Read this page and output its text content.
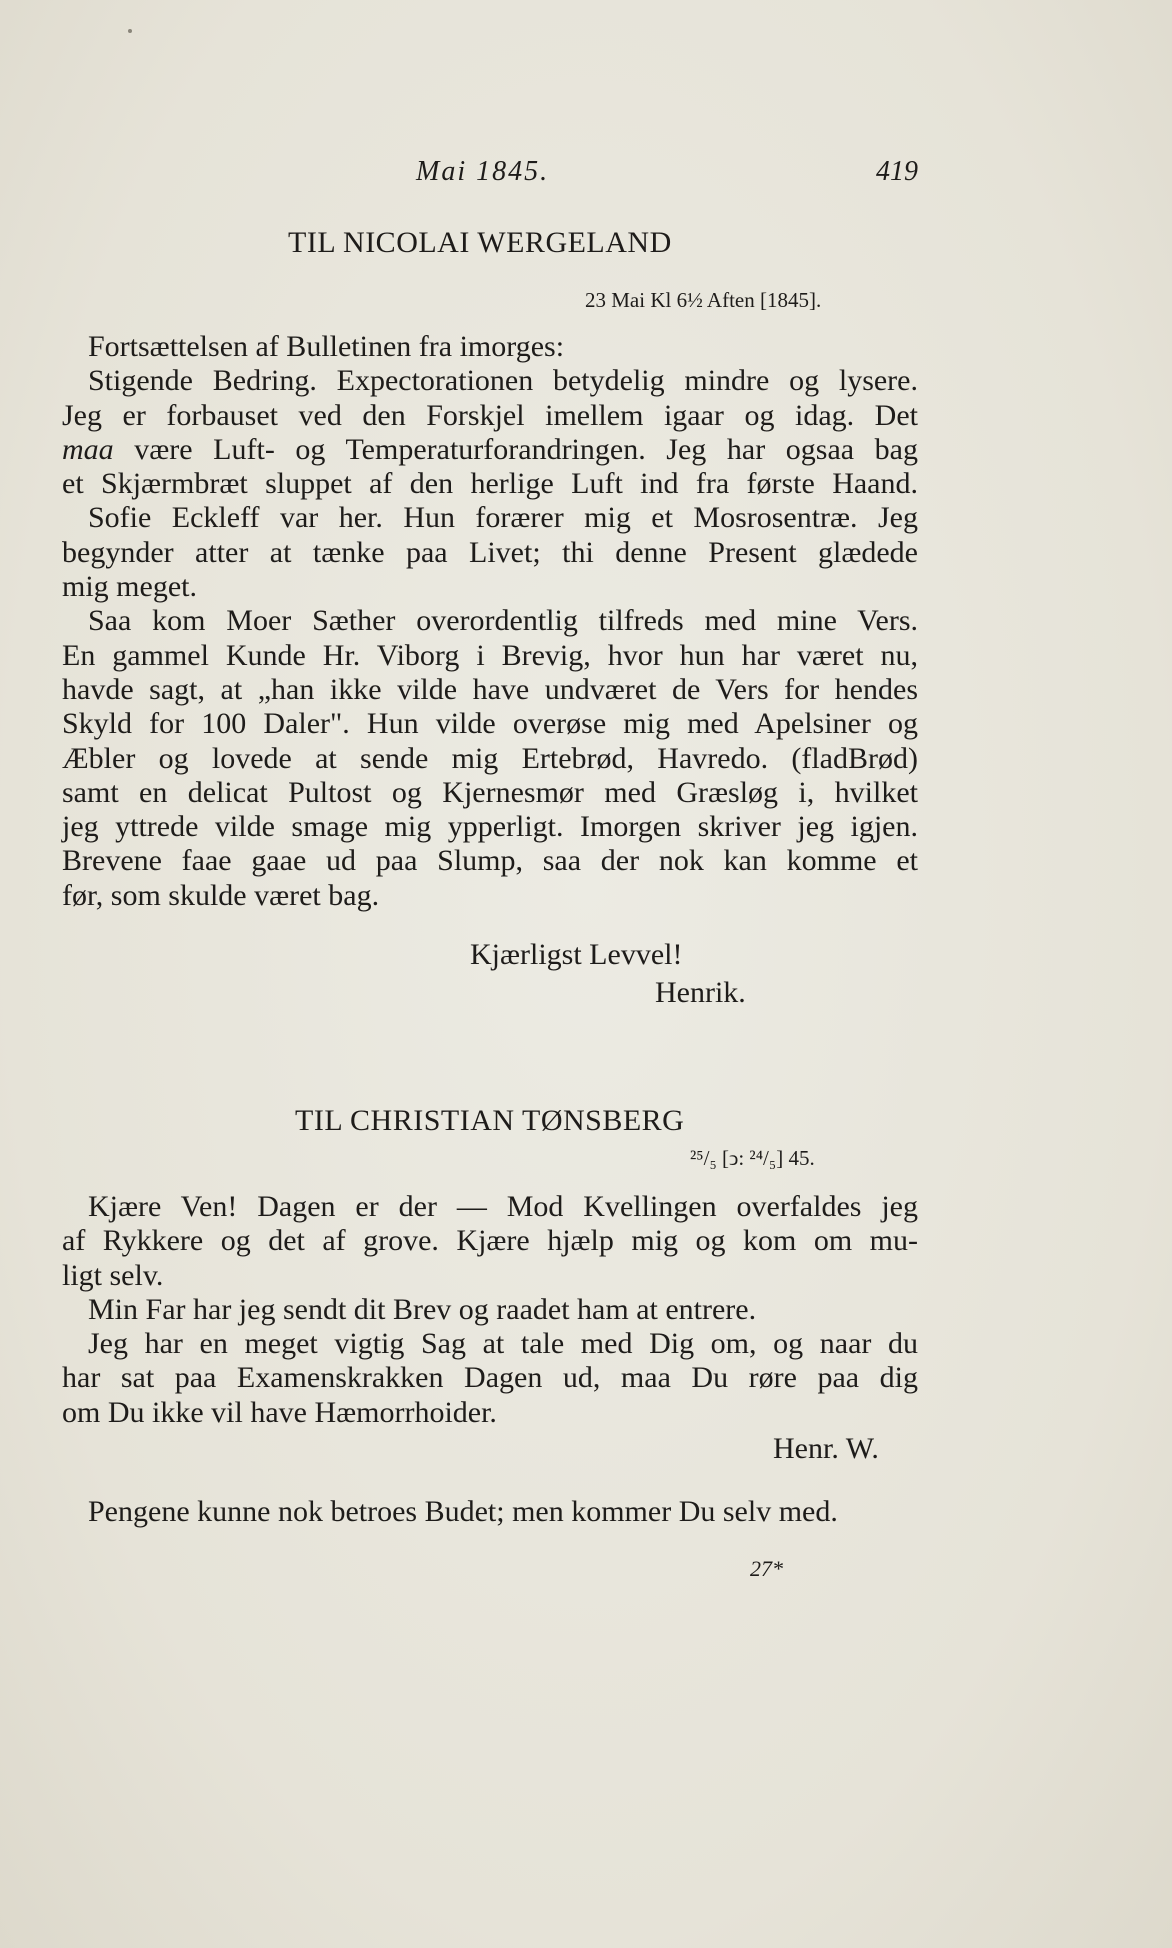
Mai 1845.	419
TIL NICOLAI WERGELAND
23 Mai Kl 6½ Aften [1845].
Fortsættelsen af Bulletinen fra imorges:
Stigende Bedring. Expectorationen betydelig mindre og lysere.
Jeg er forbauset ved den Forskjel imellem igaar og idag. Det
maa være Luft- og Temperaturforandringen. Jeg har ogsaa bag
et Skjærmbræt sluppet af den herlige Luft ind fra første Haand.
Sofie Eckleff var her. Hun forærer mig et Mosrosentræ. Jeg
begynder atter at tænke paa Livet; thi denne Present glædede
mig meget.
Saa kom Moer Sæther overordentlig tilfreds med mine Vers.
En gammel Kunde Hr. Viborg i Brevig, hvor hun har været nu,
havde sagt, at „han ikke vilde have undværet de Vers for hendes
Skyld for 100 Daler". Hun vilde overøse mig med Apelsiner og
Æbler og lovede at sende mig Ertebrød, Havredo. (fladBrød)
samt en delicat Pultost og Kjernesmør med Græsløg i, hvilket
jeg yttrede vilde smage mig ypperligt. Imorgen skriver jeg igjen.
Brevene faae gaae ud paa Slump, saa der nok kan komme et
før, som skulde været bag.
Kjærligst Levvel!
Henrik.
TIL CHRISTIAN TØNSBERG
²⁵/₅ [ↄ: ²⁴/₅] 45.
Kjære Ven! Dagen er der — Mod Kvellingen overfaldes jeg
af Rykkere og det af grove. Kjære hjælp mig og kom om mu-
ligt selv.
Min Far har jeg sendt dit Brev og raadet ham at entrere.
Jeg har en meget vigtig Sag at tale med Dig om, og naar du
har sat paa Examenskrakken Dagen ud, maa Du røre paa dig
om Du ikke vil have Hæmorrhoider.
Henr. W.
Pengene kunne nok betroes Budet; men kommer Du selv med.
27*
